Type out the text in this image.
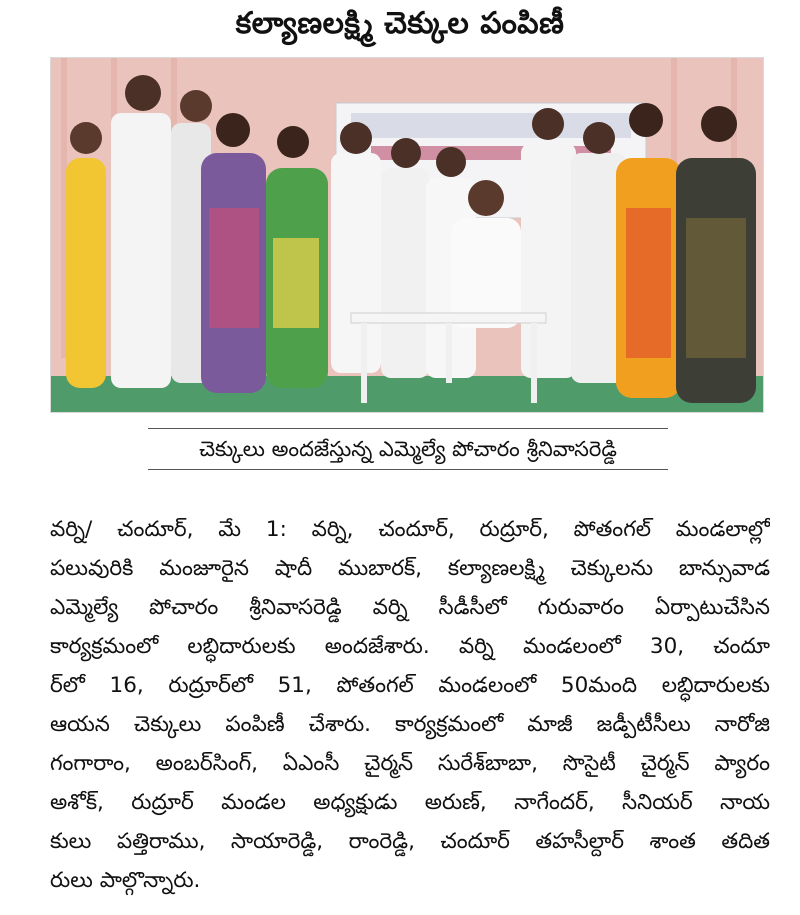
కల్యాణలక్ష్మి చెక్కుల పంపిణీ
చెక్కులు అందజేస్తున్న ఎమ్మెల్యే పోచారం శ్రీనివాసరెడ్డి
వర్ని/ చందూర్, మే 1: వర్ని, చందూర్, రుద్రూర్, పోతంగల్ మండలాల్లో
పలువురికి మంజూరైన షాదీ ముబారక్, కల్యాణలక్ష్మి చెక్కులను బాన్సువాడ
ఎమ్మెల్యే పోచారం శ్రీనివాసరెడ్డి వర్ని సీడీసీలో గురువారం ఏర్పాటుచేసిన
కార్యక్రమంలో లబ్ధిదారులకు అందజేశారు. వర్ని మండలంలో 30, చందూ
ర్‌లో 16, రుద్రూర్‌లో 51, పోతంగల్ మండలంలో 50మంది లబ్ధిదారులకు
ఆయన చెక్కులు పంపిణీ చేశారు. కార్యక్రమంలో మాజీ జడ్పీటీసీలు నారోజి
గంగారాం, అంబర్‌సింగ్, ఏఎంసీ చైర్మన్ సురేశ్‌బాబా, సొసైటీ చైర్మన్ ప్యారం
అశోక్, రుద్రూర్ మండల అధ్యక్షుడు అరుణ్, నాగేందర్, సీనియర్ నాయ
కులు పత్తిరాము, సాయారెడ్డి, రాంరెడ్డి, చందూర్ తహసీల్దార్ శాంత తదిత
రులు పాల్గొన్నారు.
